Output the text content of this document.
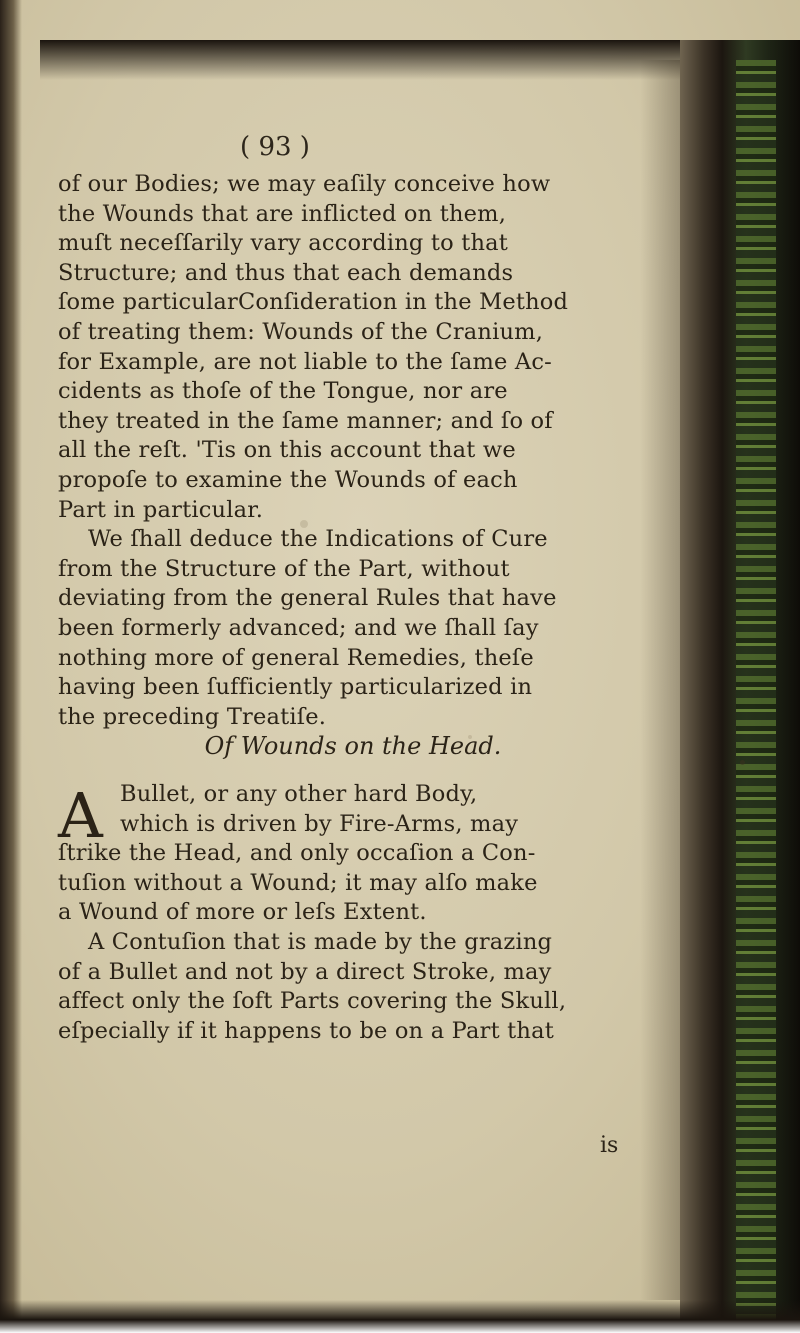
( 93 )
of our Bodies; we may eaſily conceive how
the Wounds that are inflicted on them,
muſt neceſſarily vary according to that
Structure; and thus that each demands
ſome particularConſideration in the Method
of treating them: Wounds of the Cranium,
for Example, are not liable to the ſame Ac-
cidents as thoſe of the Tongue, nor are
they treated in the ſame manner; and ſo of
all the reſt. 'Tis on this account that we
propoſe to examine the Wounds of each
Part in particular.
We ſhall deduce the Indications of Cure
from the Structure of the Part, without
deviating from the general Rules that have
been formerly advanced; and we ſhall ſay
nothing more of general Remedies, theſe
having been ſufficiently particularized in
the preceding Treatiſe.
Of Wounds on the Head.
A Bullet, or any other hard Body,
which is driven by Fire-Arms, may
ſtrike the Head, and only occaſion a Con-
tuſion without a Wound; it may alſo make
a Wound of more or leſs Extent.
A Contuſion that is made by the grazing
of a Bullet and not by a direct Stroke, may
affect only the ſoft Parts covering the Skull,
eſpecially if it happens to be on a Part that
is
